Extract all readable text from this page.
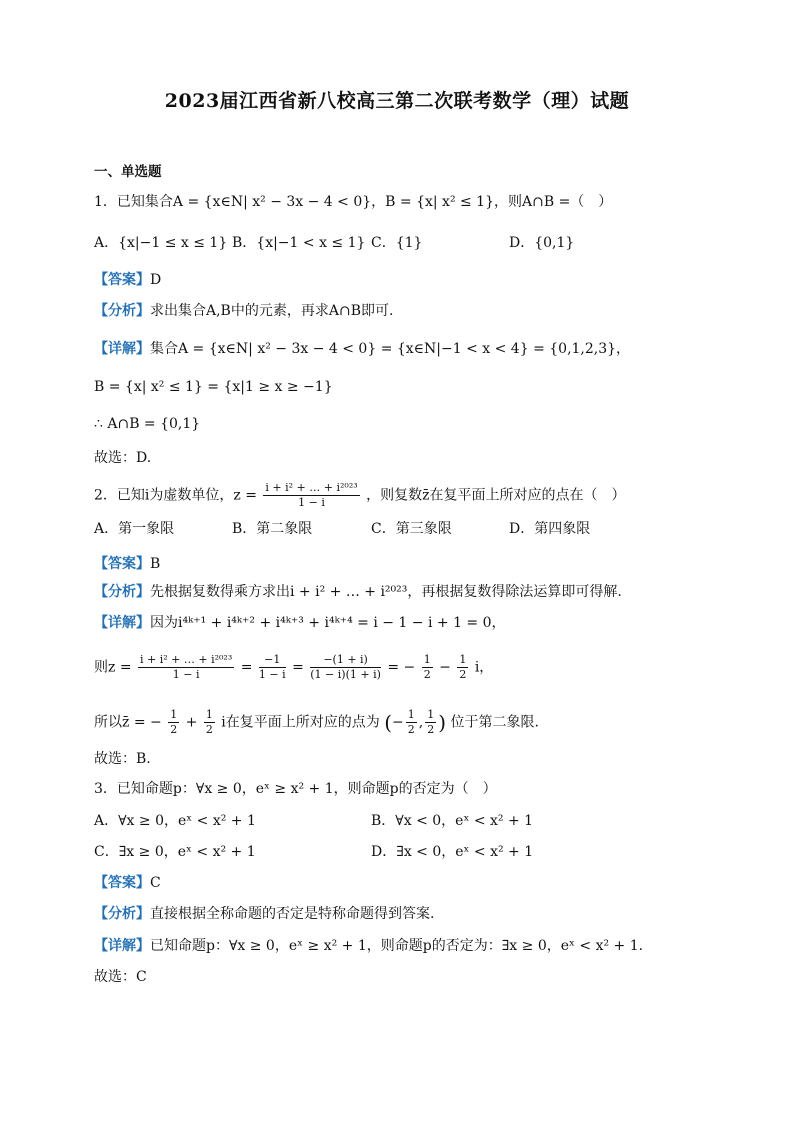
2023届江西省新八校高三第二次联考数学（理）试题
一、单选题
1．已知集合A = {x∈N| x² − 3x − 4 < 0}，B = {x| x² ≤ 1}，则A∩B =（　）
A．{x|−1 ≤ x ≤ 1} B．{x|−1 < x ≤ 1} C．{1}	D．{0,1}
【答案】D
【分析】求出集合A,B中的元素，再求A∩B即可.
【详解】集合A = {x∈N| x² − 3x − 4 < 0} = {x∈N|−1 < x < 4} = {0,1,2,3}，
B = {x| x² ≤ 1} = {x|1 ≥ x ≥ −1}
∴ A∩B = {0,1}
故选：D.
2．已知i为虚数单位，$z = \frac{\text{i + i² + … + i²⁰²³}}{1 - i}$ ，则复数z̄在复平面上所对应的点在（　）
A．第一象限	B．第二象限	C．第三象限	D．第四象限
【答案】B
【分析】先根据复数得乘方求出i + i² + … + i²⁰²³，再根据复数得除法运算即可得解.
【详解】因为i⁴ᵏ⁺¹ + i⁴ᵏ⁺² + i⁴ᵏ⁺³ + i⁴ᵏ⁺⁴ = i − 1 − i + 1 = 0，
则$z = \frac{\text{i + i² + … + i²⁰²³}}{1 - i} = \frac{-1}{1 - i} = \frac{-(1 + i)}{(1 - i)(1 + i)}$ = − $\frac{1}{2} - \frac{1}{2}$ i，
所以z̄ = − $\frac{1}{2} + \frac{1}{2}$ i在复平面上所对应的点为 (− $\frac{1}{2}$ , $\frac{1}{2}$ ) 位于第二象限.
故选：B.
3．已知命题p：∀x ≥ 0，eˣ ≥ x² + 1，则命题p的否定为（　）
A．∀x ≥ 0，eˣ < x² + 1	B．∀x < 0，eˣ < x² + 1
C．∃x ≥ 0，eˣ < x² + 1	D．∃x < 0，eˣ < x² + 1
【答案】C
【分析】直接根据全称命题的否定是特称命题得到答案.
【详解】已知命题p：∀x ≥ 0，eˣ ≥ x² + 1，则命题p的否定为：∃x ≥ 0，eˣ < x² + 1.
故选：C
